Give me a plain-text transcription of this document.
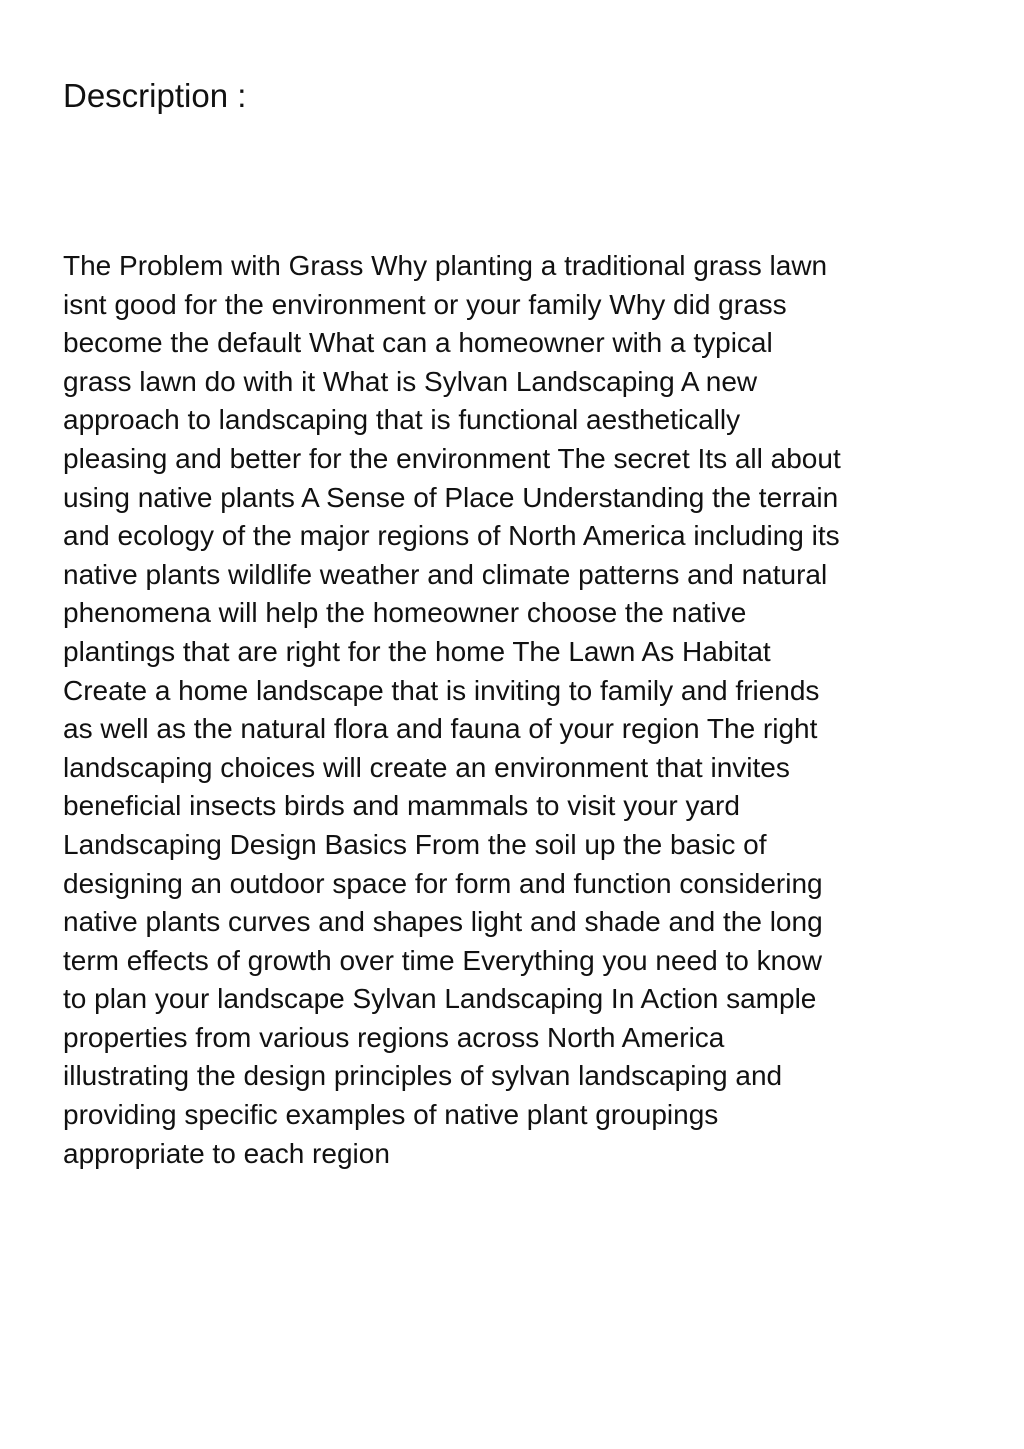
Description :
The Problem with Grass Why planting a traditional grass lawn
isnt good for the environment or your family Why did grass
become the default What can a homeowner with a typical
grass lawn do with it What is Sylvan Landscaping A new
approach to landscaping that is functional aesthetically
pleasing and better for the environment The secret Its all about
using native plants A Sense of Place Understanding the terrain
and ecology of the major regions of North America including its
native plants wildlife weather and climate patterns and natural
phenomena will help the homeowner choose the native
plantings that are right for the home The Lawn As Habitat
Create a home landscape that is inviting to family and friends
as well as the natural flora and fauna of your region The right
landscaping choices will create an environment that invites
beneficial insects birds and mammals to visit your yard
Landscaping Design Basics From the soil up the basic of
designing an outdoor space for form and function considering
native plants curves and shapes light and shade and the long
term effects of growth over time Everything you need to know
to plan your landscape Sylvan Landscaping In Action sample
properties from various regions across North America
illustrating the design principles of sylvan landscaping and
providing specific examples of native plant groupings
appropriate to each region
